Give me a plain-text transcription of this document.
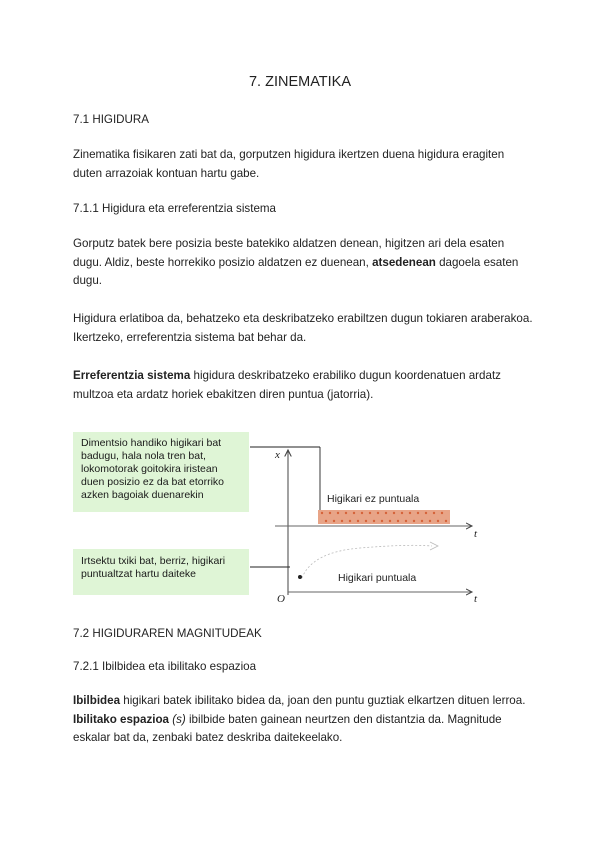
7. ZINEMATIKA

7.1 HIGIDURA

Zinematika fisikaren zati bat da, gorputzen higidura ikertzen duena higidura eragiten duten arrazoiak kontuan hartu gabe.

7.1.1 Higidura eta erreferentzia sistema

Gorputz batek bere posizia beste batekiko aldatzen denean, higitzen ari dela esaten dugu. Aldiz, beste horrekiko posizio aldatzen ez duenean, atsedenean dagoela esaten dugu.

Higidura erlatiboa da, behatzeko eta deskribatzeko erabiltzen dugun tokiaren araberakoa. Ikertzeko, erreferentzia sistema bat behar da.

Erreferentzia sistema higidura deskribatzeko erabiliko dugun koordenatuen ardatz multzoa eta ardatz horiek ebakitzen diren puntua (jatorria).

Dimentsio handiko higikari bat
badugu, hala nola tren bat,
lokomotorak goitokira iristean
duen posizio ez da bat etorriko
azken bagoiak duenarekin
Irtsektu txiki bat, berriz, higikari
puntualtzat hartu daiteke
x
t
t
O
Higikari ez puntuala
Higikari puntuala

7.2 HIGIDURAREN MAGNITUDEAK

7.2.1 Ibilbidea eta ibilitako espazioa

Ibilbidea higikari batek ibilitako bidea da, joan den puntu guztiak elkartzen dituen lerroa. Ibilitako espazioa (s) ibilbide baten gainean neurtzen den distantzia da. Magnitude eskalar bat da, zenbaki batez deskriba daitekeelako.
